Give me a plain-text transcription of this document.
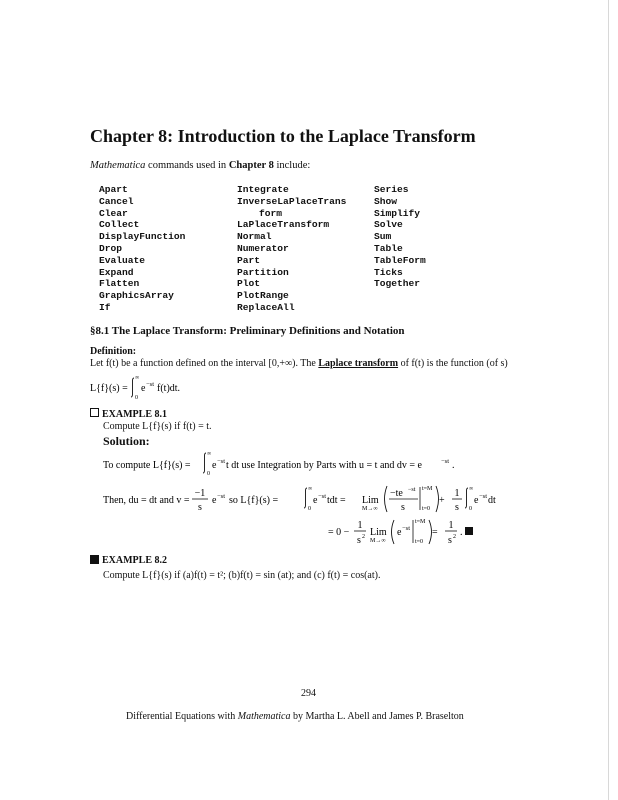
Chapter 8: Introduction to the Laplace Transform
Mathematica commands used in Chapter 8 include:
Apart
Cancel
Clear
Collect
DisplayFunction
Drop
Evaluate
Expand
Flatten
GraphicsArray
If
Integrate
InverseLaPlaceTrans
form
LaPlaceTransform
Normal
Numerator
Part
Partition
Plot
PlotRange
ReplaceAll
Series
Show
Simplify
Solve
Sum
Table
TableForm
Ticks
Together
§8.1 The Laplace Transform: Preliminary Definitions and Notation
Definition:
Let f(t) be a function defined on the interval [0,+∞). The Laplace transform of f(t) is the function (of s)
L{f}(s) =
∞
0
e −st f(t)dt.
EXAMPLE 8.1
Compute L{f}(s) if f(t) = t.
Solution:
To compute L{f}(s) =
∞
0
e −st t dt use Integration by Parts with u = t and dv = e	−st .
Then, du = dt and v =
−1
s
e −st so L{f}(s) =
∞
0
e −st tdt = Lim
M→∞
−te −st
s
t=M
t=0
+
1
s
∞
0
e −st dt
= 0 −
1
s 2 Lim
M→∞
e −st
t=M
t=0
=
1
s 2 .
EXAMPLE 8.2
Compute L{f}(s) if (a)f(t) = t²; (b)f(t) = sin (at); and (c) f(t) = cos(at).
294
Differential Equations with Mathematica by Martha L. Abell and James P. Braselton
